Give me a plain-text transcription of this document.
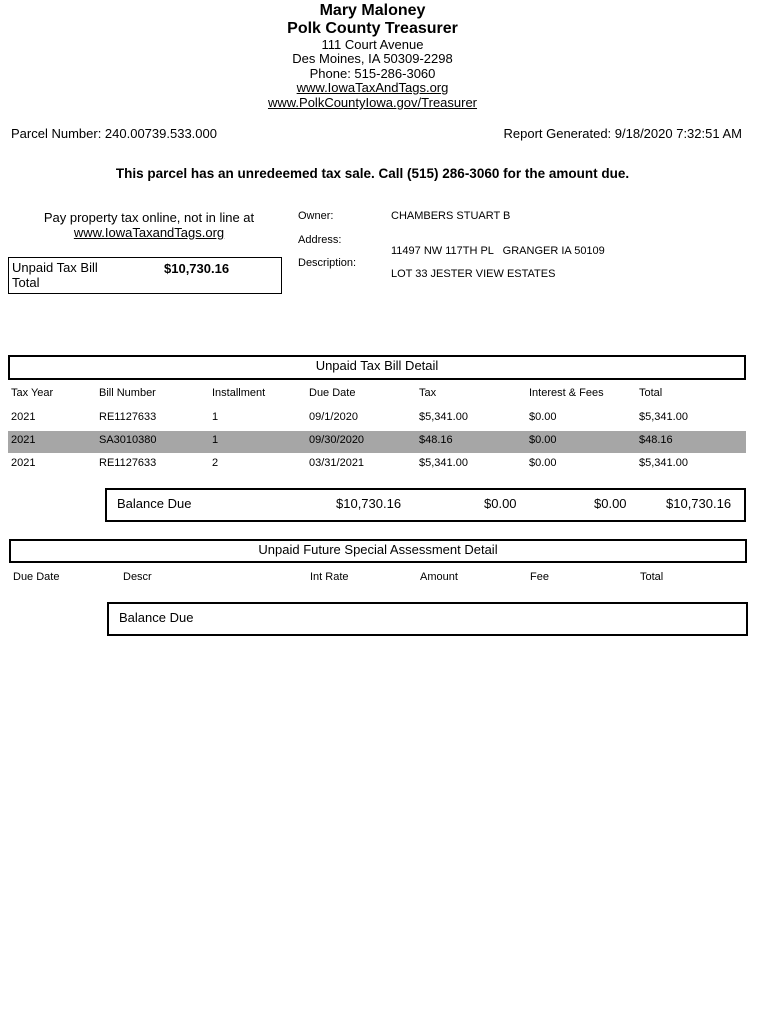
Mary Maloney
Polk County Treasurer
111 Court Avenue
Des Moines, IA 50309-2298
Phone: 515-286-3060
www.IowaTaxAndTags.org
www.PolkCountyIowa.gov/Treasurer
Parcel Number: 240.00739.533.000	Report Generated: 9/18/2020 7:32:51 AM
This parcel has an unredeemed tax sale. Call (515) 286-3060 for the amount due.
Pay property tax online, not in line at
www.IowaTaxandTags.org
Unpaid Tax Bill
Total
$10,730.16
Owner:	CHAMBERS STUART B
Address:
11497 NW 117TH PL   GRANGER IA 50109
Description:
LOT 33 JESTER VIEW ESTATES
Unpaid Tax Bill Detail
Tax Year	Bill Number	Installment	Due Date	Tax	Interest & Fees	Total
2021	RE1127633	1	09/1/2020	$5,341.00	$0.00	$5,341.00
2021	SA3010380	1	09/30/2020	$48.16	$0.00	$48.16
2021	RE1127633	2	03/31/2021	$5,341.00	$0.00	$5,341.00
Balance Due	$10,730.16	$0.00	$0.00	$10,730.16
Unpaid Future Special Assessment Detail
Due Date	Descr	Int Rate	Amount	Fee	Total
Balance Due
